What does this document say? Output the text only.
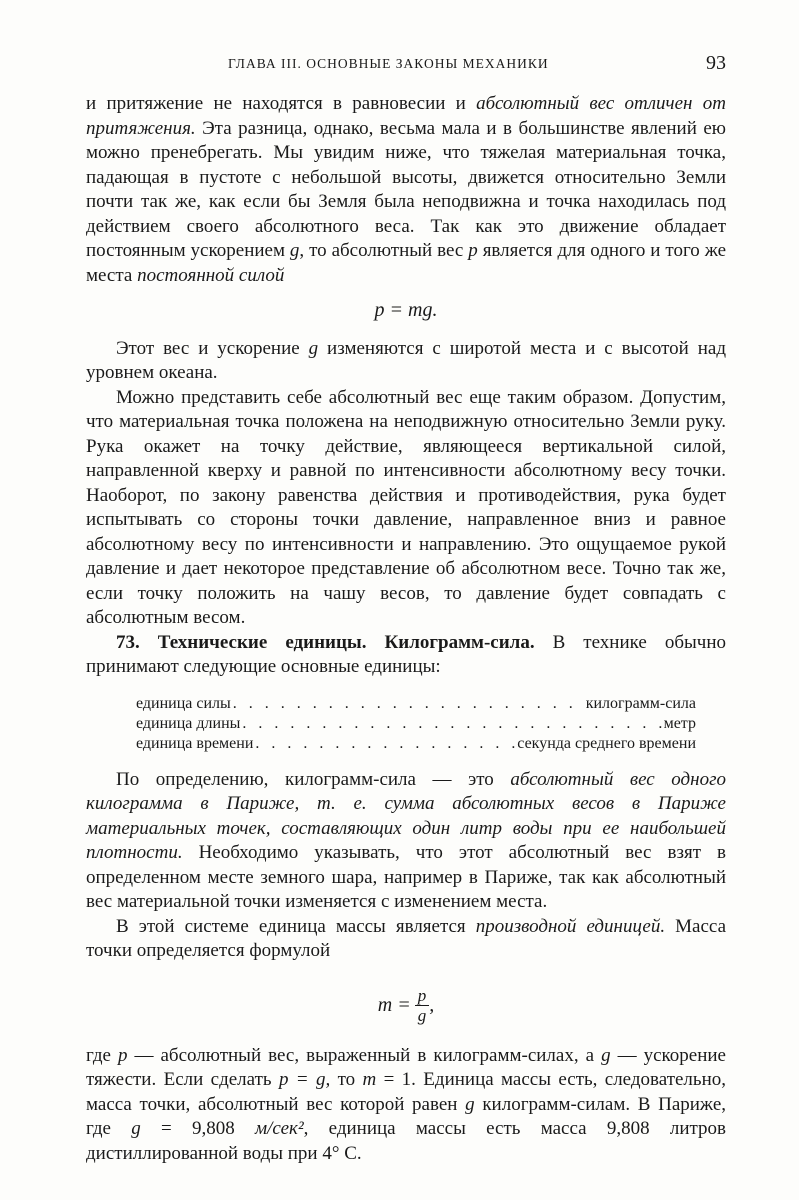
ГЛАВА III. ОСНОВНЫЕ ЗАКОНЫ МЕХАНИКИ	93

и притяжение не находятся в равновесии и абсолютный вес отличен от притяжения. Эта разница, однако, весьма мала и в большинстве явлений ею можно пренебрегать. Мы увидим ниже, что тяжелая материальная точка, падающая в пустоте с небольшой высоты, движется относительно Земли почти так же, как если бы Земля была неподвижна и точка находилась под действием своего абсолютного веса. Так как это движение обладает постоянным ускорением g, то абсолютный вес p является для одного и того же места постоянной силой

p = mg.

Этот вес и ускорение g изменяются с широтой места и с высотой над уровнем океана.

Можно представить себе абсолютный вес еще таким образом. Допустим, что материальная точка положена на неподвижную относительно Земли руку. Рука окажет на точку действие, являющееся вертикальной силой, направленной кверху и равной по интенсивности абсолютному весу точки. Наоборот, по закону равенства действия и противодействия, рука будет испытывать со стороны точки давление, направленное вниз и равное абсолютному весу по интенсивности и направлению. Это ощущаемое рукой давление и дает некоторое представление об абсолютном весе. Точно так же, если точку положить на чашу весов, то давление будет совпадать с абсолютным весом.

73. Технические единицы. Килограмм-сила. В технике обычно принимают следующие основные единицы:

единица силы . . .	килограмм-сила
единица длины . . .	метр
единица времени . . .	секунда среднего времени

По определению, килограмм-сила — это абсолютный вес одного килограмма в Париже, т. е. сумма абсолютных весов в Париже материальных точек, составляющих один литр воды при ее наибольшей плотности. Необходимо указывать, что этот абсолютный вес взят в определенном месте земного шара, например в Париже, так как абсолютный вес материальной точки изменяется с изменением места.

В этой системе единица массы является производной единицей. Масса точки определяется формулой

$m = \frac{p}{g}$ ,

где p — абсолютный вес, выраженный в килограмм-силах, а g — ускорение тяжести. Если сделать p = g, то m = 1. Единица массы есть, следовательно, масса точки, абсолютный вес которой равен g килограмм-силам. В Париже, где g = 9,808 м/сек², единица массы есть масса 9,808 литров дистиллированной воды при 4° С.
